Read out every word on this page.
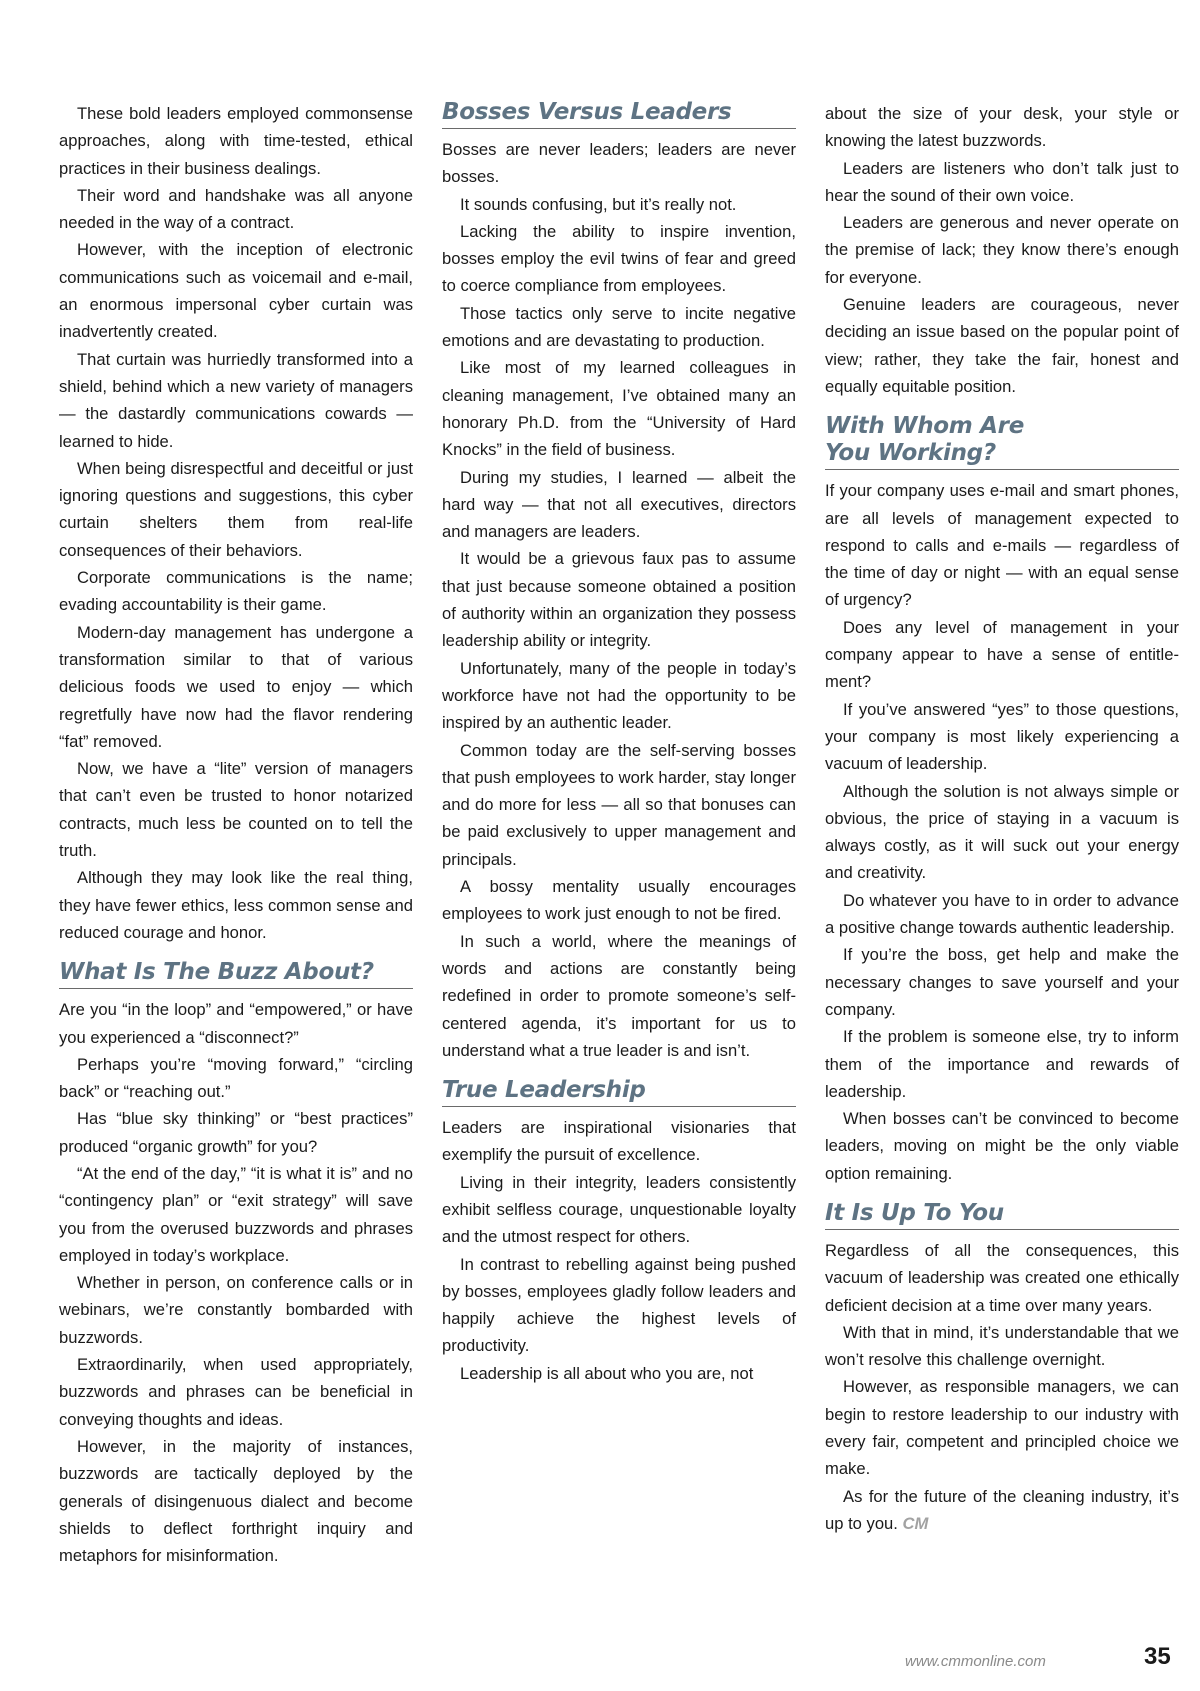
These bold leaders employed commonsense approaches, along with time-tested, ethical practices in their business dealings.

Their word and handshake was all anyone needed in the way of a contract.

However, with the inception of electronic communications such as voicemail and e-mail, an enormous impersonal cyber curtain was inadvertently created.

That curtain was hurriedly transformed into a shield, behind which a new variety of managers — the dastardly communications cowards — learned to hide.

When being disrespectful and deceitful or just ignoring questions and suggestions, this cyber curtain shelters them from real-life consequences of their behaviors.

Corporate communications is the name; evading accountability is their game.

Modern-day management has undergone a transformation similar to that of various delicious foods we used to enjoy — which regretfully have now had the flavor rendering “fat” removed.

Now, we have a “lite” version of managers that can’t even be trusted to honor notarized contracts, much less be counted on to tell the truth.

Although they may look like the real thing, they have fewer ethics, less common sense and reduced courage and honor.

What Is The Buzz About?

Are you “in the loop” and “empowered,” or have you experienced a “disconnect?”

Perhaps you’re “moving forward,” “circling back” or “reaching out.”

Has “blue sky thinking” or “best practices” produced “organic growth” for you?

“At the end of the day,” “it is what it is” and no “contingency plan” or “exit strategy” will save you from the overused buzzwords and phrases employed in today’s workplace.

Whether in person, on conference calls or in webinars, we’re constantly bombarded with buzzwords.

Extraordinarily, when used appropriately, buzzwords and phrases can be beneficial in conveying thoughts and ideas.

However, in the majority of instances, buzzwords are tactically deployed by the generals of disingenuous dialect and become shields to deflect forthright inquiry and metaphors for misinformation.

Bosses Versus Leaders

Bosses are never leaders; leaders are never bosses.

It sounds confusing, but it’s really not.

Lacking the ability to inspire invention, bosses employ the evil twins of fear and greed to coerce compliance from employees.

Those tactics only serve to incite negative emotions and are devastating to production.

Like most of my learned colleagues in cleaning management, I’ve obtained many an honorary Ph.D. from the “University of Hard Knocks” in the field of business.

During my studies, I learned — albeit the hard way — that not all executives, directors and managers are leaders.

It would be a grievous faux pas to assume that just because someone obtained a position of authority within an organization they possess leadership ability or integrity.

Unfortunately, many of the people in today’s workforce have not had the opportunity to be inspired by an authentic leader.

Common today are the self-serving bosses that push employees to work harder, stay longer and do more for less — all so that bonuses can be paid exclusively to upper management and principals.

A bossy mentality usually encourages employees to work just enough to not be fired.

In such a world, where the meanings of words and actions are constantly being redefined in order to promote someone’s self-centered agenda, it’s important for us to understand what a true leader is and isn’t.

True Leadership

Leaders are inspirational visionaries that exemplify the pursuit of excellence.

Living in their integrity, leaders consistently exhibit selfless courage, unquestionable loyalty and the utmost respect for others.

In contrast to rebelling against being pushed by bosses, employees gladly follow leaders and happily achieve the highest levels of productivity.

Leadership is all about who you are, not

about the size of your desk, your style or knowing the latest buzzwords.

Leaders are listeners who don’t talk just to hear the sound of their own voice.

Leaders are generous and never operate on the premise of lack; they know there’s enough for everyone.

Genuine leaders are courageous, never deciding an issue based on the popular point of view; rather, they take the fair, honest and equally equitable position.

With Whom Are
You Working?

If your company uses e-mail and smart phones, are all levels of management expected to respond to calls and e-mails — regardless of the time of day or night — with an equal sense of urgency?

Does any level of management in your company appear to have a sense of entitlement?

If you’ve answered “yes” to those questions, your company is most likely experiencing a vacuum of leadership.

Although the solution is not always simple or obvious, the price of staying in a vacuum is always costly, as it will suck out your energy and creativity.

Do whatever you have to in order to advance a positive change towards authentic leadership.

If you’re the boss, get help and make the necessary changes to save yourself and your company.

If the problem is someone else, try to inform them of the importance and rewards of leadership.

When bosses can’t be convinced to become leaders, moving on might be the only viable option remaining.

It Is Up To You

Regardless of all the consequences, this vacuum of leadership was created one ethically deficient decision at a time over many years.

With that in mind, it’s understandable that we won’t resolve this challenge overnight.

However, as responsible managers, we can begin to restore leadership to our industry with every fair, competent and principled choice we make.

As for the future of the cleaning industry, it’s up to you. CM

www.cmmonline.com	35
